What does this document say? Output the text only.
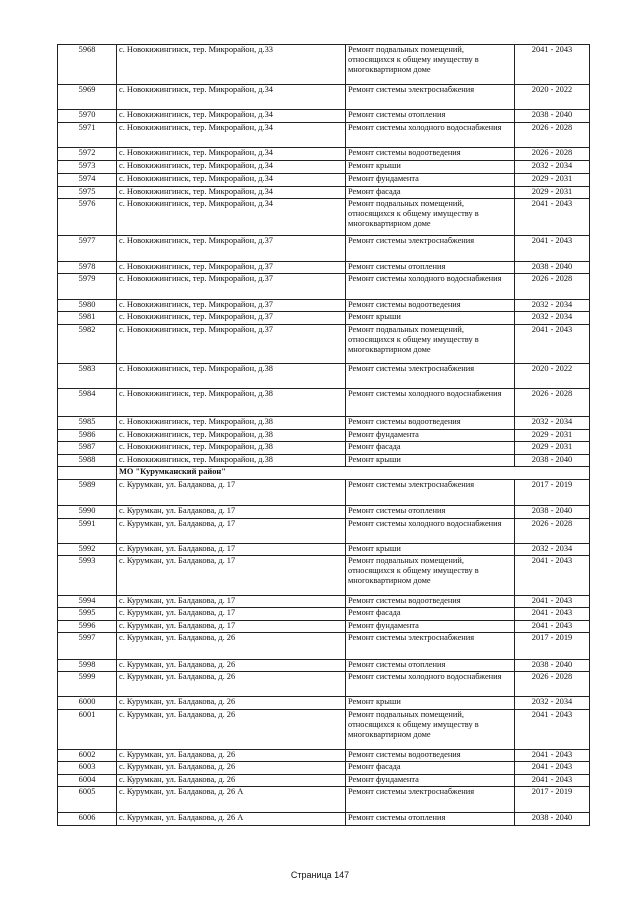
5968	с. Новокижингинск, тер. Микрорайон, д.33	Ремонт подвальных помещений, относящихся к общему имуществу в многоквартирном доме	2041 - 2043
5969	с. Новокижингинск, тер. Микрорайон, д.34	Ремонт системы электроснабжения	2020 - 2022
5970	с. Новокижингинск, тер. Микрорайон, д.34	Ремонт системы отопления	2038 - 2040
5971	с. Новокижингинск, тер. Микрорайон, д.34	Ремонт системы холодного водоснабжения	2026 - 2028
5972	с. Новокижингинск, тер. Микрорайон, д.34	Ремонт системы водоотведения	2026 - 2028
5973	с. Новокижингинск, тер. Микрорайон, д.34	Ремонт крыши	2032 - 2034
5974	с. Новокижингинск, тер. Микрорайон, д.34	Ремонт фундамента	2029 - 2031
5975	с. Новокижингинск, тер. Микрорайон, д.34	Ремонт фасада	2029 - 2031
5976	с. Новокижингинск, тер. Микрорайон, д.34	Ремонт подвальных помещений, относящихся к общему имуществу в многоквартирном доме	2041 - 2043
5977	с. Новокижингинск, тер. Микрорайон, д.37	Ремонт системы электроснабжения	2041 - 2043
5978	с. Новокижингинск, тер. Микрорайон, д.37	Ремонт системы отопления	2038 - 2040
5979	с. Новокижингинск, тер. Микрорайон, д.37	Ремонт системы холодного водоснабжения	2026 - 2028
5980	с. Новокижингинск, тер. Микрорайон, д.37	Ремонт системы водоотведения	2032 - 2034
5981	с. Новокижингинск, тер. Микрорайон, д.37	Ремонт крыши	2032 - 2034
5982	с. Новокижингинск, тер. Микрорайон, д.37	Ремонт подвальных помещений, относящихся к общему имуществу в многоквартирном доме	2041 - 2043
5983	с. Новокижингинск, тер. Микрорайон, д.38	Ремонт системы электроснабжения	2020 - 2022
5984	с. Новокижингинск, тер. Микрорайон, д.38	Ремонт системы холодного водоснабжения	2026 - 2028
5985	с. Новокижингинск, тер. Микрорайон, д.38	Ремонт системы водоотведения	2032 - 2034
5986	с. Новокижингинск, тер. Микрорайон, д.38	Ремонт фундамента	2029 - 2031
5987	с. Новокижингинск, тер. Микрорайон, д.38	Ремонт фасада	2029 - 2031
5988	с. Новокижингинск, тер. Микрорайон, д.38	Ремонт крыши	2038 - 2040
	МО "Курумканский район"		
5989	с. Курумкан, ул. Балдакова, д. 17	Ремонт системы электроснабжения	2017 - 2019
5990	с. Курумкан, ул. Балдакова, д. 17	Ремонт системы отопления	2038 - 2040
5991	с. Курумкан, ул. Балдакова, д. 17	Ремонт системы холодного водоснабжения	2026 - 2028
5992	с. Курумкан, ул. Балдакова, д. 17	Ремонт крыши	2032 - 2034
5993	с. Курумкан, ул. Балдакова, д. 17	Ремонт подвальных помещений, относящихся к общему имуществу в многоквартирном доме	2041 - 2043
5994	с. Курумкан, ул. Балдакова, д. 17	Ремонт системы водоотведения	2041 - 2043
5995	с. Курумкан, ул. Балдакова, д. 17	Ремонт фасада	2041 - 2043
5996	с. Курумкан, ул. Балдакова, д. 17	Ремонт фундамента	2041 - 2043
5997	с. Курумкан, ул. Балдакова, д. 26	Ремонт системы электроснабжения	2017 - 2019
5998	с. Курумкан, ул. Балдакова, д. 26	Ремонт системы отопления	2038 - 2040
5999	с. Курумкан, ул. Балдакова, д. 26	Ремонт системы холодного водоснабжения	2026 - 2028
6000	с. Курумкан, ул. Балдакова, д. 26	Ремонт крыши	2032 - 2034
6001	с. Курумкан, ул. Балдакова, д. 26	Ремонт подвальных помещений, относящихся к общему имуществу в многоквартирном доме	2041 - 2043
6002	с. Курумкан, ул. Балдакова, д. 26	Ремонт системы водоотведения	2041 - 2043
6003	с. Курумкан, ул. Балдакова, д. 26	Ремонт фасада	2041 - 2043
6004	с. Курумкан, ул. Балдакова, д. 26	Ремонт фундамента	2041 - 2043
6005	с. Курумкан, ул. Балдакова, д. 26 А	Ремонт системы электроснабжения	2017 - 2019
6006	с. Курумкан, ул. Балдакова, д. 26 А	Ремонт системы отопления	2038 - 2040
Страница 147
